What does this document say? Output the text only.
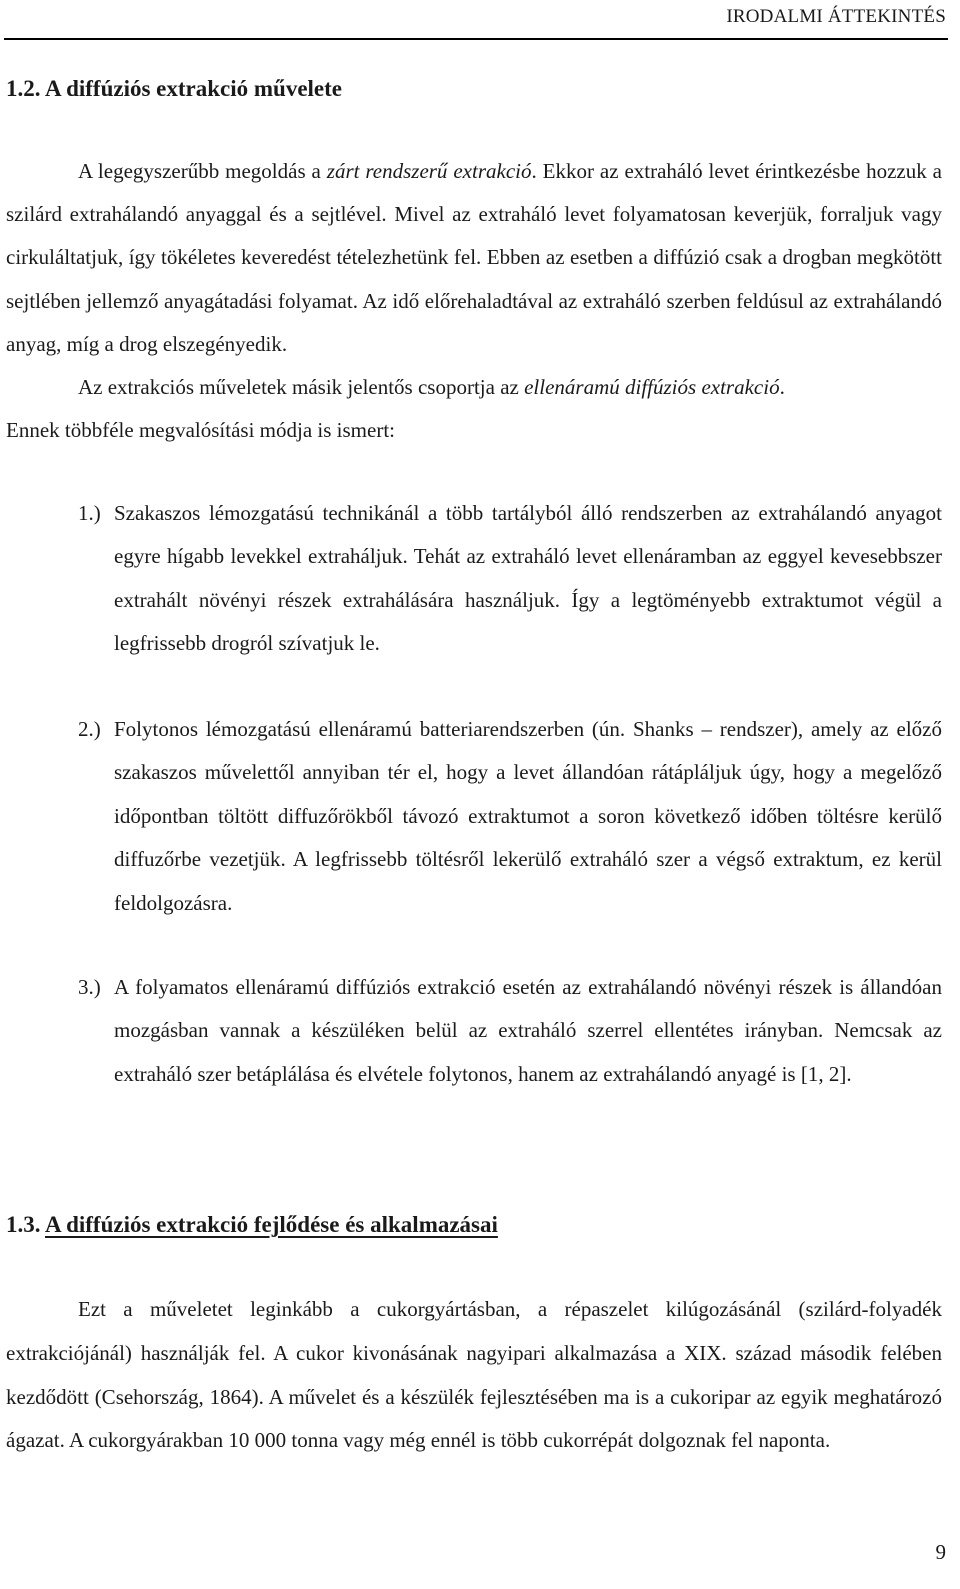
IRODALMI ÁTTEKINTÉS
1.2. A diffúziós extrakció művelete
A legegyszerűbb megoldás a zárt rendszerű extrakció. Ekkor az extraháló levet érintkezésbe hozzuk a szilárd extrahálandó anyaggal és a sejtlével. Mivel az extraháló levet folyamatosan keverjük, forraljuk vagy cirkuláltatjuk, így tökéletes keveredést tételezhetünk fel. Ebben az esetben a diffúzió csak a drogban megkötött sejtlében jellemző anyagátadási folyamat. Az idő előrehaladtával az extraháló szerben feldúsul az extrahálandó anyag, míg a drog elszegényedik.
Az extrakciós műveletek másik jelentős csoportja az ellenáramú diffúziós extrakció.
Ennek többféle megvalósítási módja is ismert:
1.) Szakaszos lémozgatású technikánál a több tartályból álló rendszerben az extrahálandó anyagot egyre hígabb levekkel extraháljuk. Tehát az extraháló levet ellenáramban az eggyel kevesebbszer extrahált növényi részek extrahálására használjuk. Így a legtöményebb extraktumot végül a legfrissebb drogról szívatjuk le.
2.) Folytonos lémozgatású ellenáramú batteriarendszerben (ún. Shanks – rendszer), amely az előző szakaszos művelettől annyiban tér el, hogy a levet állandóan rátápláljuk úgy, hogy a megelőző időpontban töltött diffuzőrökből távozó extraktumot a soron következő időben töltésre kerülő diffuzőrbe vezetjük. A legfrissebb töltésről lekerülő extraháló szer a végső extraktum, ez kerül feldolgozásra.
3.) A folyamatos ellenáramú diffúziós extrakció esetén az extrahálandó növényi részek is állandóan mozgásban vannak a készüléken belül az extraháló szerrel ellentétes irányban. Nemcsak az extraháló szer betáplálása és elvétele folytonos, hanem az extrahálandó anyagé is [1, 2].
1.3. A diffúziós extrakció fejlődése és alkalmazásai
Ezt a műveletet leginkább a cukorgyártásban, a répaszelet kilúgozásánál (szilárd-folyadék extrakciójánál) használják fel. A cukor kivonásának nagyipari alkalmazása a XIX. század második felében kezdődött (Csehország, 1864). A művelet és a készülék fejlesztésében ma is a cukoripar az egyik meghatározó ágazat. A cukorgyárakban 10 000 tonna vagy még ennél is több cukorrépát dolgoznak fel naponta.
9
